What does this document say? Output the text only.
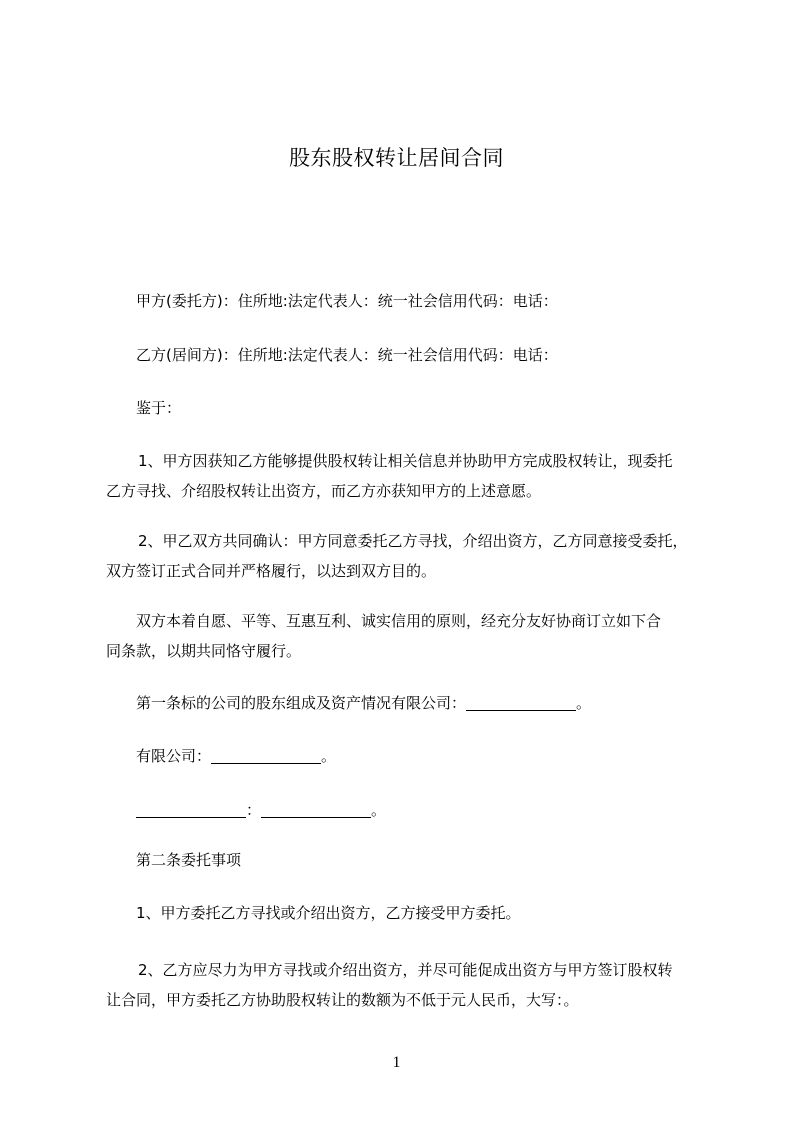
股东股权转让居间合同

甲方(委托方)：住所地:法定代表人：统一社会信用代码：电话：

乙方(居间方)：住所地:法定代表人：统一社会信用代码：电话：

鉴于：

1、甲方因获知乙方能够提供股权转让相关信息并协助甲方完成股权转让，现委托

乙方寻找、介绍股权转让出资方，而乙方亦获知甲方的上述意愿。

2、甲乙双方共同确认：甲方同意委托乙方寻找，介绍出资方，乙方同意接受委托，

双方签订正式合同并严格履行，以达到双方目的。

双方本着自愿、平等、互惠互利、诚实信用的原则，经充分友好协商订立如下合

同条款，以期共同恪守履行。

第一条标的公司的股东组成及资产情况有限公司：	。

有限公司：	。

：	。

第二条委托事项

1、甲方委托乙方寻找或介绍出资方，乙方接受甲方委托。

2、乙方应尽力为甲方寻找或介绍出资方，并尽可能促成出资方与甲方签订股权转

让合同，甲方委托乙方协助股权转让的数额为不低于元人民币，大写：。

1
